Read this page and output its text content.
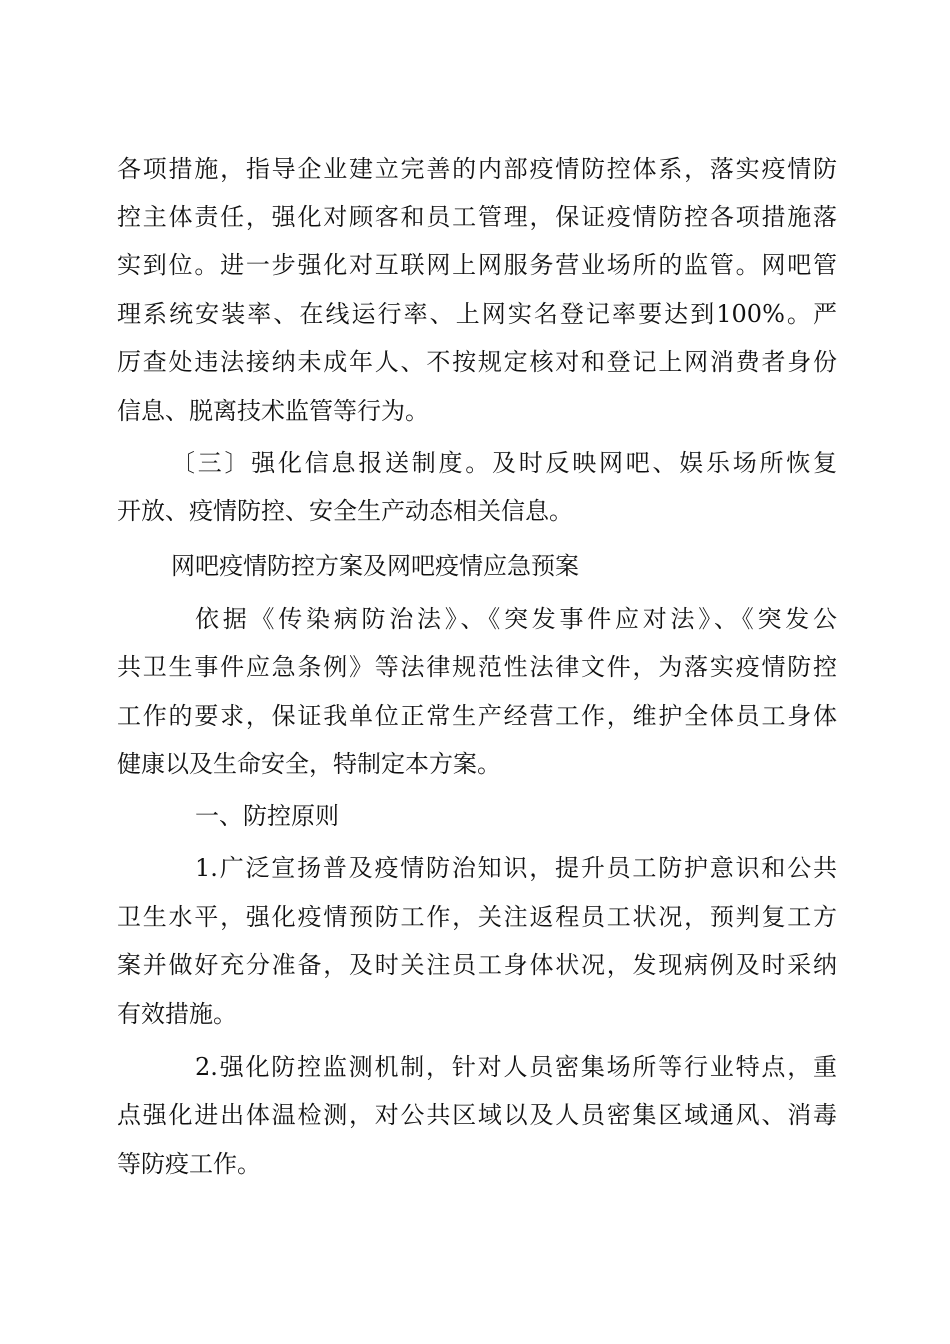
各项措施，指导企业建立完善的内部疫情防控体系，落实疫情防
控主体责任，强化对顾客和员工管理，保证疫情防控各项措施落
实到位。进一步强化对互联网上网服务营业场所的监管。网吧管
理系统安装率、在线运行率、上网实名登记率要达到100%。严
厉查处违法接纳未成年人、不按规定核对和登记上网消费者身份
信息、脱离技术监管等行为。
〔三〕强化信息报送制度。及时反映网吧、娱乐场所恢复
开放、疫情防控、安全生产动态相关信息。
网吧疫情防控方案及网吧疫情应急预案
依据《传染病防治法》、《突发事件应对法》、《突发公
共卫生事件应急条例》等法律规范性法律文件，为落实疫情防控
工作的要求，保证我单位正常生产经营工作，维护全体员工身体
健康以及生命安全，特制定本方案。
一、防控原则
1.广泛宣扬普及疫情防治知识，提升员工防护意识和公共
卫生水平，强化疫情预防工作，关注返程员工状况，预判复工方
案并做好充分准备，及时关注员工身体状况，发现病例及时采纳
有效措施。
2.强化防控监测机制，针对人员密集场所等行业特点，重
点强化进出体温检测，对公共区域以及人员密集区域通风、消毒
等防疫工作。
